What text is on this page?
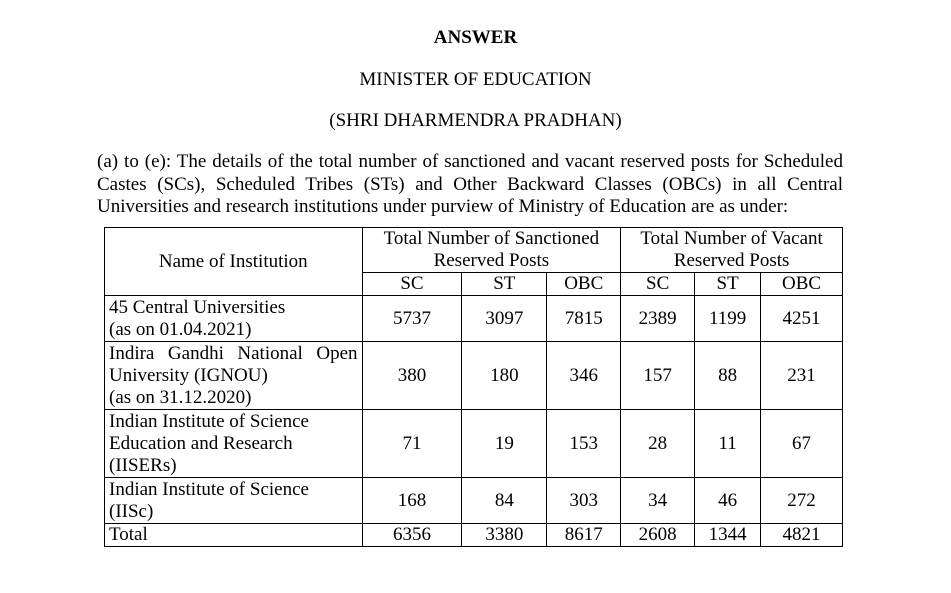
ANSWER
MINISTER OF EDUCATION
(SHRI DHARMENDRA PRADHAN)
(a) to (e): The details of the total number of sanctioned and vacant reserved posts for Scheduled Castes (SCs), Scheduled Tribes (STs) and Other Backward Classes (OBCs) in all Central Universities and research institutions under purview of Ministry of Education are as under:
Name of Institution	Total Number of Sanctioned Reserved Posts			Total Number of Vacant Reserved Posts		
	SC	ST	OBC	SC	ST	OBC

45 Central Universities
(as on 01.04.2021)	5737	3097	7815	2389	1199	4251

Indira Gandhi National Open
University (IGNOU)
(as on 31.12.2020)	380	180	346	157	88	231

Indian Institute of Science
Education and Research
(IISERs)	71	19	153	28	11	67

Indian Institute of Science
(IISc)	168	84	303	34	46	272
Total	6356	3380	8617	2608	1344	4821
